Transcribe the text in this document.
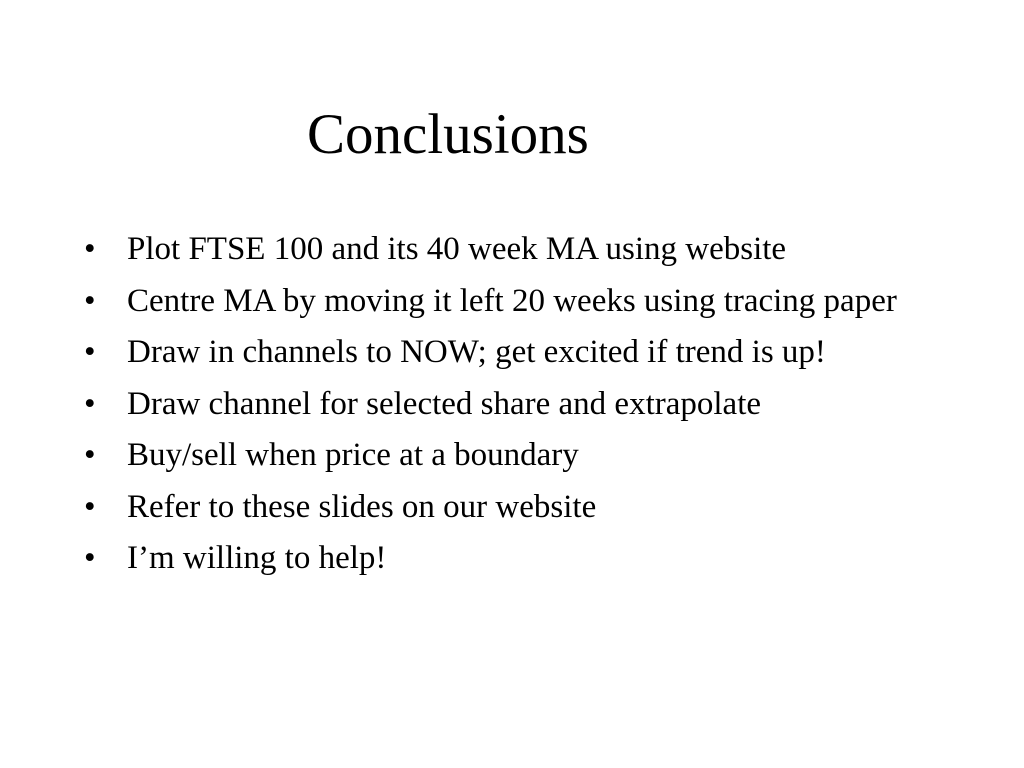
Conclusions
• Plot FTSE 100 and its 40 week MA using website
• Centre MA by moving it left 20 weeks using tracing paper
• Draw in channels to NOW; get excited if trend is up!
• Draw channel for selected share and extrapolate
• Buy/sell when price at a boundary
• Refer to these slides on our website
• I’m willing to help!
